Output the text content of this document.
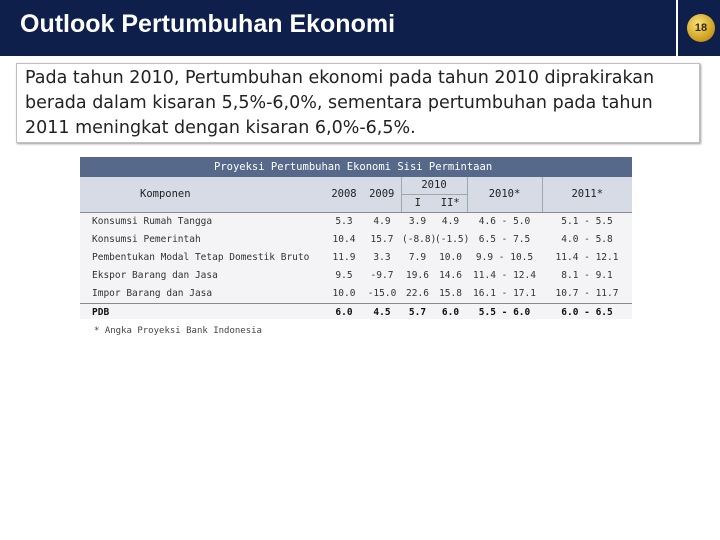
Outlook Pertumbuhan Ekonomi	18

Pada tahun 2010, Pertumbuhan ekonomi pada tahun 2010 diprakirakan berada dalam kisaran 5,5%-6,0%, sementara pertumbuhan pada tahun 2011 meningkat dengan kisaran 6,0%-6,5%.

Proyeksi Pertumbuhan Ekonomi Sisi Permintaan
Komponen	2008	2009	2010		2010*	2011*
			I	II*		
Konsumsi Rumah Tangga	5.3	4.9	3.9	4.9	4.6 - 5.0	5.1 - 5.5
Konsumsi Pemerintah	10.4	15.7	(-8.8)	(-1.5)	6.5 - 7.5	4.0 - 5.8
Pembentukan Modal Tetap Domestik Bruto	11.9	3.3	7.9	10.0	9.9 - 10.5	11.4 - 12.1
Ekspor Barang dan Jasa	9.5	-9.7	19.6	14.6	11.4 - 12.4	8.1 - 9.1
Impor Barang dan Jasa	10.0	-15.0	22.6	15.8	16.1 - 17.1	10.7 - 11.7
PDB	6.0	4.5	5.7	6.0	5.5 - 6.0	6.0 - 6.5
* Angka Proyeksi Bank Indonesia
